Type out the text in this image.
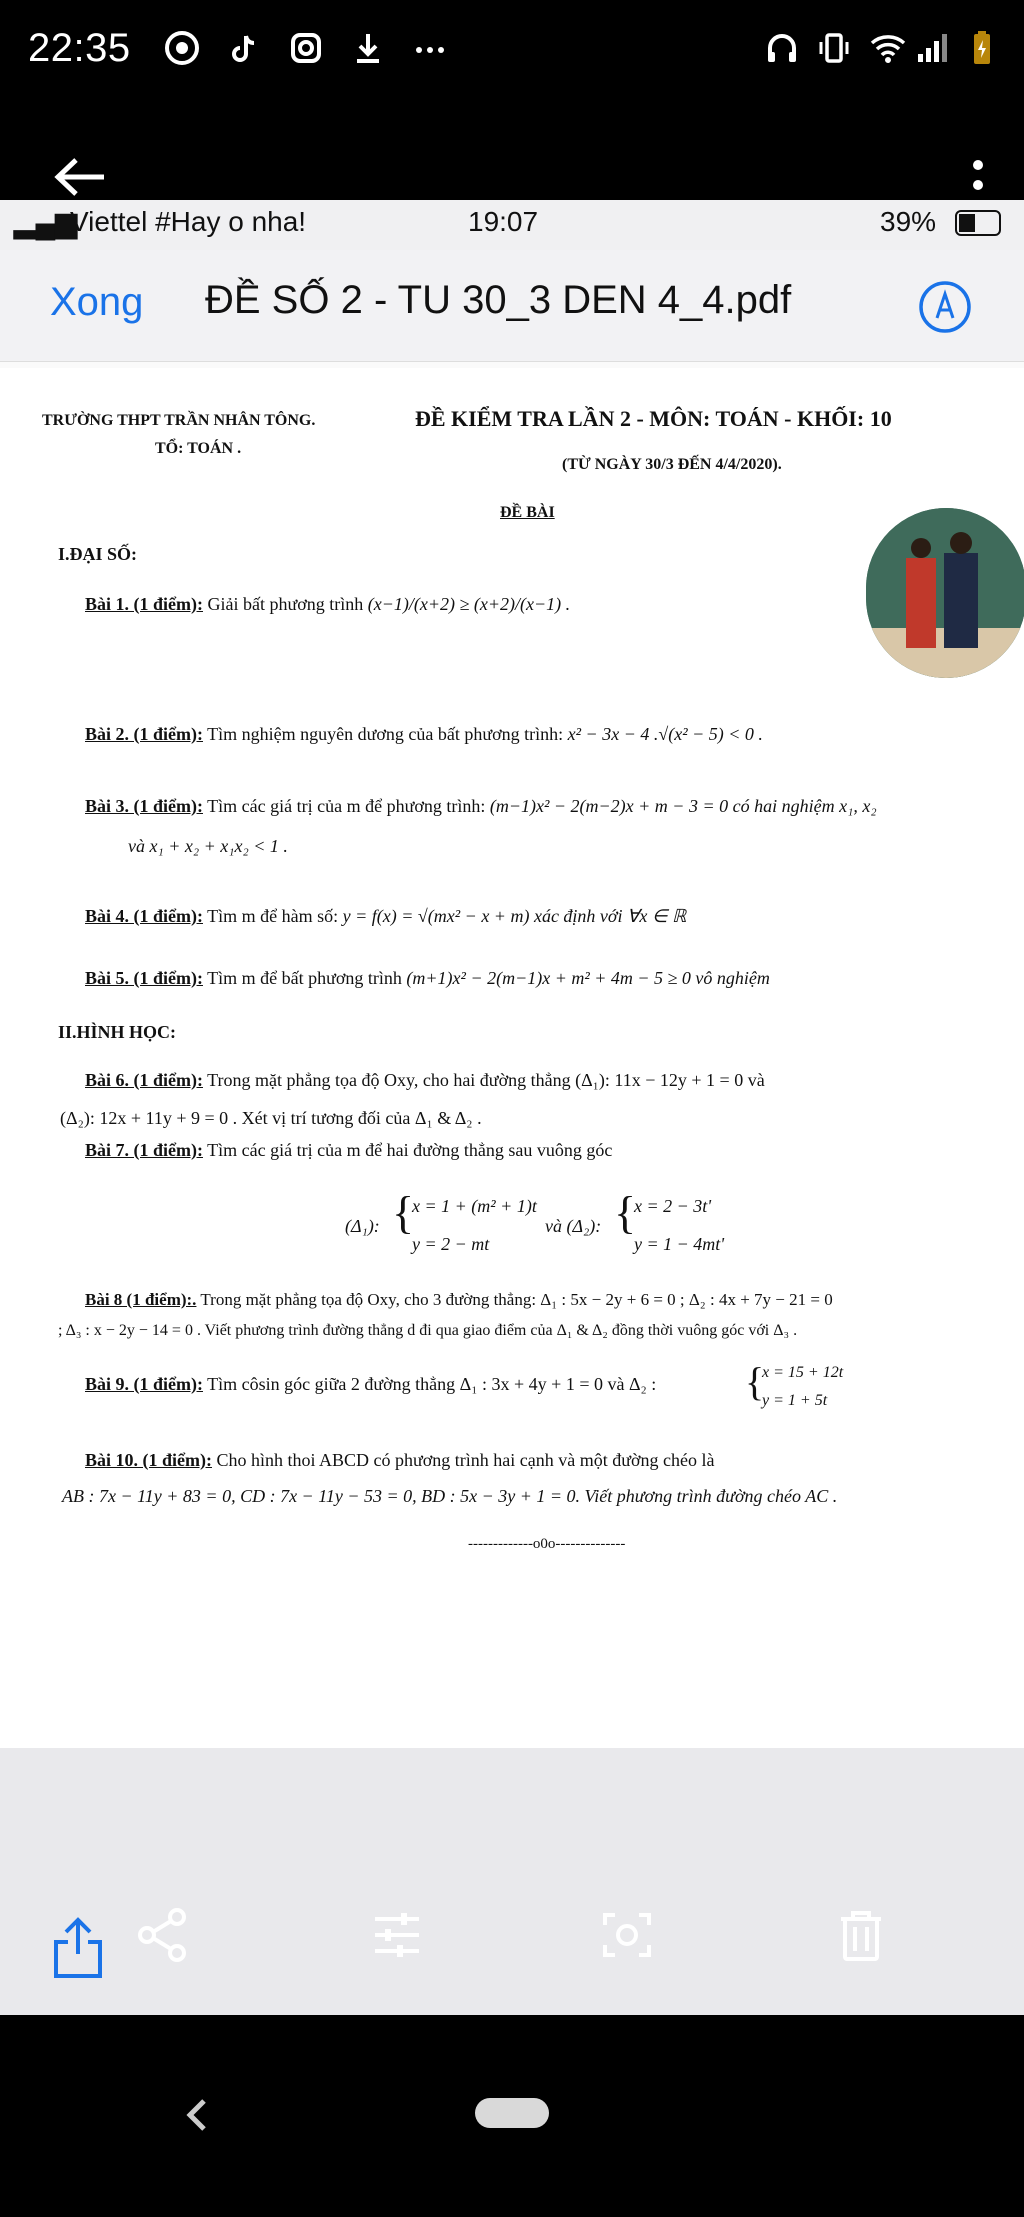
22:35
▂▄▆
Viettel #Hay o nha!	19:07	39%
Xong ĐỀ SỐ 2 - TU 30_3 DEN 4_4.pdf
TRƯỜNG THPT TRẦN NHÂN TÔNG.
TỔ: TOÁN .
ĐỀ KIỂM TRA LẦN 2 - MÔN: TOÁN - KHỐI: 10
(TỪ NGÀY 30/3 ĐẾN 4/4/2020).
ĐỀ BÀI
I.ĐẠI SỐ:
Bài 1. (1 điểm): Giải bất phương trình (x−1)/(x+2) ≥ (x+2)/(x−1) .
Bài 2. (1 điểm): Tìm nghiệm nguyên dương của bất phương trình: x² − 3x − 4 .√(x² − 5) < 0 .
Bài 3. (1 điểm): Tìm các giá trị của m để phương trình: (m−1)x² − 2(m−2)x + m − 3 = 0 có hai nghiệm x₁, x₂
và x₁ + x₂ + x₁x₂ < 1 .
Bài 4. (1 điểm): Tìm m để hàm số: y = f(x) = √(mx² − x + m) xác định với ∀x ∈ ℝ
Bài 5. (1 điểm): Tìm m để bất phương trình (m+1)x² − 2(m−1)x + m² + 4m − 5 ≥ 0 vô nghiệm
II.HÌNH HỌC:
Bài 6. (1 điểm): Trong mặt phẳng tọa độ Oxy, cho hai đường thẳng (Δ₁): 11x − 12y + 1 = 0 và
(Δ₂): 12x + 11y + 9 = 0 . Xét vị trí tương đối của Δ₁ & Δ₂ .
Bài 7. (1 điểm): Tìm các giá trị của m để hai đường thẳng sau vuông góc
(Δ₁): {
x = 1 + (m² + 1)t
y = 2 − mt
và (Δ₂): {
x = 2 − 3t'
y = 1 − 4mt'
Bài 8 (1 điểm):. Trong mặt phẳng tọa độ Oxy, cho 3 đường thẳng: Δ₁ : 5x − 2y + 6 = 0 ; Δ₂ : 4x + 7y − 21 = 0
; Δ₃ : x − 2y − 14 = 0 . Viết phương trình đường thẳng d đi qua giao điểm của Δ₁ & Δ₂ đồng thời vuông góc với Δ₃ .
Bài 9. (1 điểm): Tìm côsin góc giữa 2 đường thẳng Δ₁ : 3x + 4y + 1 = 0 và Δ₂ : {
x = 15 + 12t
y = 1 + 5t
Bài 10. (1 điểm): Cho hình thoi ABCD có phương trình hai cạnh và một đường chéo là
AB : 7x − 11y + 83 = 0, CD : 7x − 11y − 53 = 0, BD : 5x − 3y + 1 = 0. Viết phương trình đường chéo AC .
-------------o0o--------------
